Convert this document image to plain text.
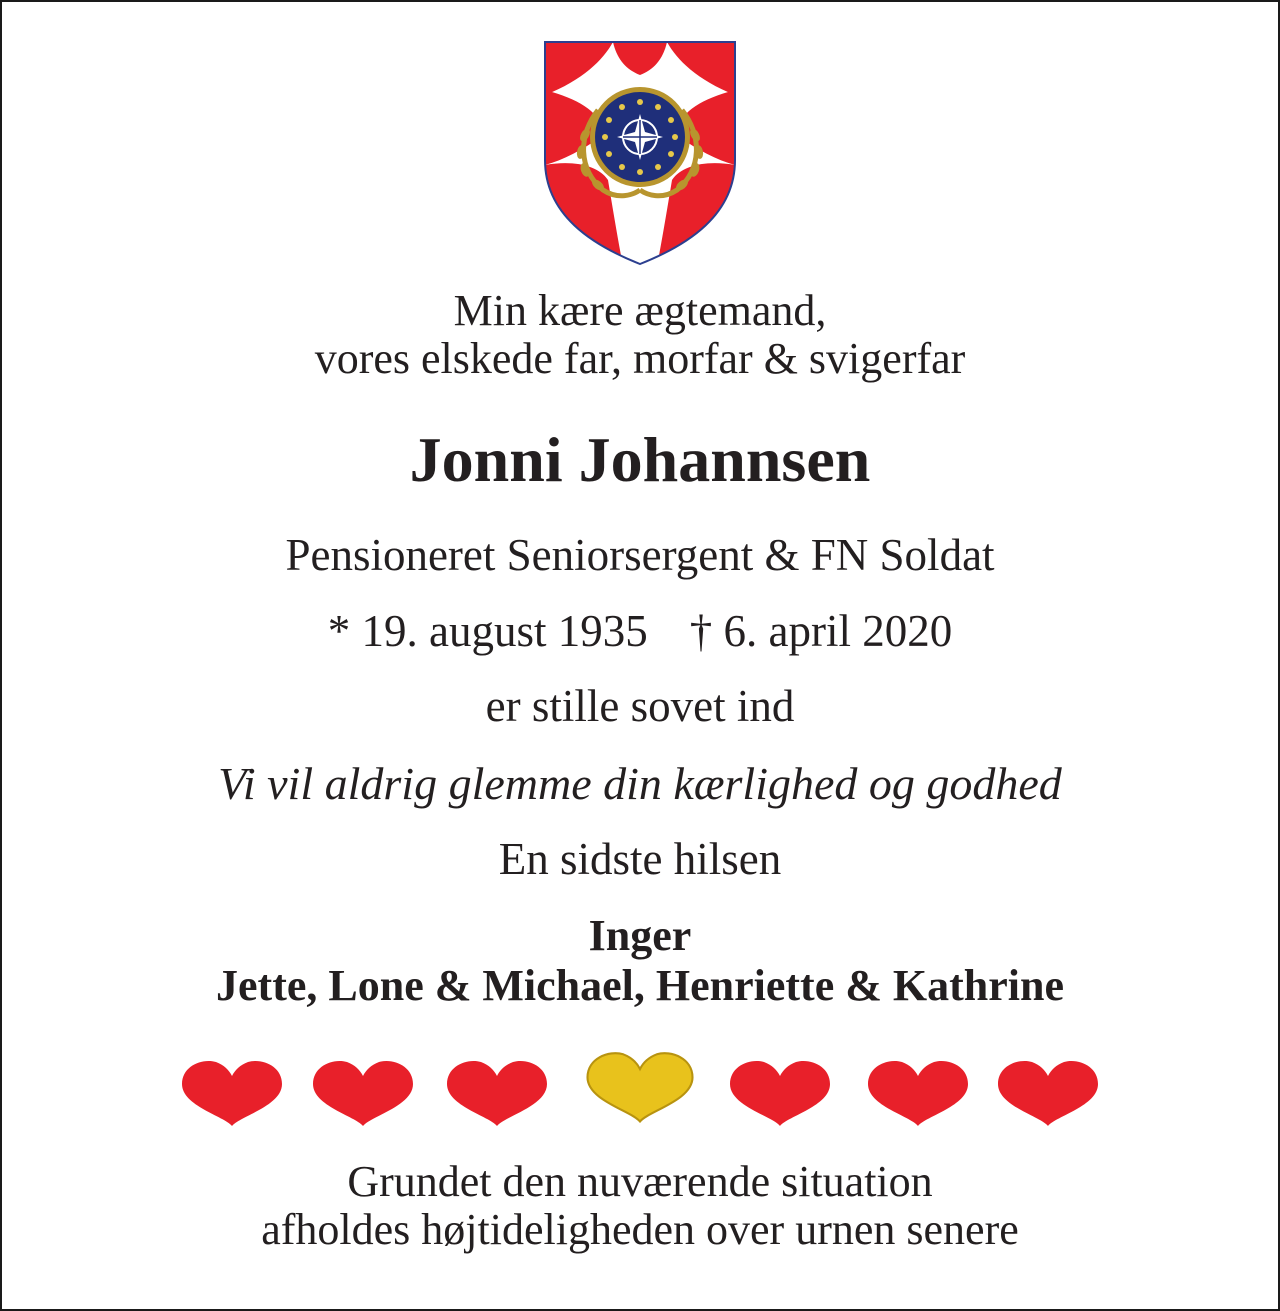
Min kære ægtemand,
vores elskede far, morfar & svigerfar
Jonni Johannsen
Pensioneret Seniorsergent & FN Soldat
* 19. august 1935 † 6. april 2020
er stille sovet ind
Vi vil aldrig glemme din kærlighed og godhed
En sidste hilsen
Inger
Jette, Lone & Michael, Henriette & Kathrine
Grundet den nuværende situation
afholdes højtideligheden over urnen senere
